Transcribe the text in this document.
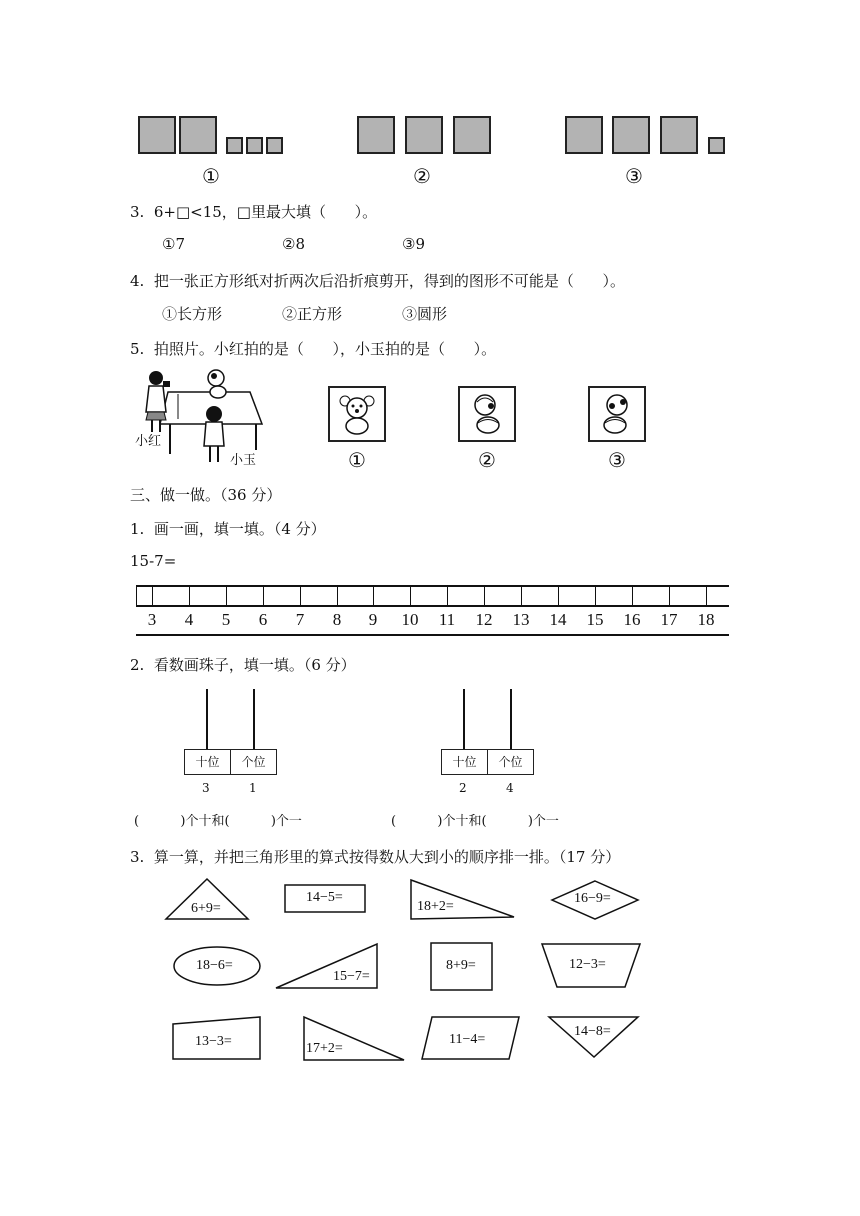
①	②	③
3.  6+□<15，□里最大填（      ）。
①7	②8	③9
4.  把一张正方形纸对折两次后沿折痕剪开，得到的图形不可能是（      ）。
①长方形	②正方形	③圆形
5.  拍照片。小红拍的是（      ），小玉拍的是（      ）。
小红
小玉	①	②	③
三、做一做。（36 分）
1.  画一画，填一填。（4 分）
15-7=
3	4	5	6	7	8	9	10	11	12	13	14	15	16	17	18
2.  看数画珠子，填一填。（6 分）
十位	个位
3	1
(          )个十和(          )个一
十位	个位
2	4
(          )个十和(          )个一
3.  算一算，并把三角形里的算式按得数从大到小的顺序排一排。（17 分）
6+9=
14−5=
18+2=
16−9=
18−6=
15−7=
8+9=	12−3=
13−3=	17+2=
11−4=
14−8=
